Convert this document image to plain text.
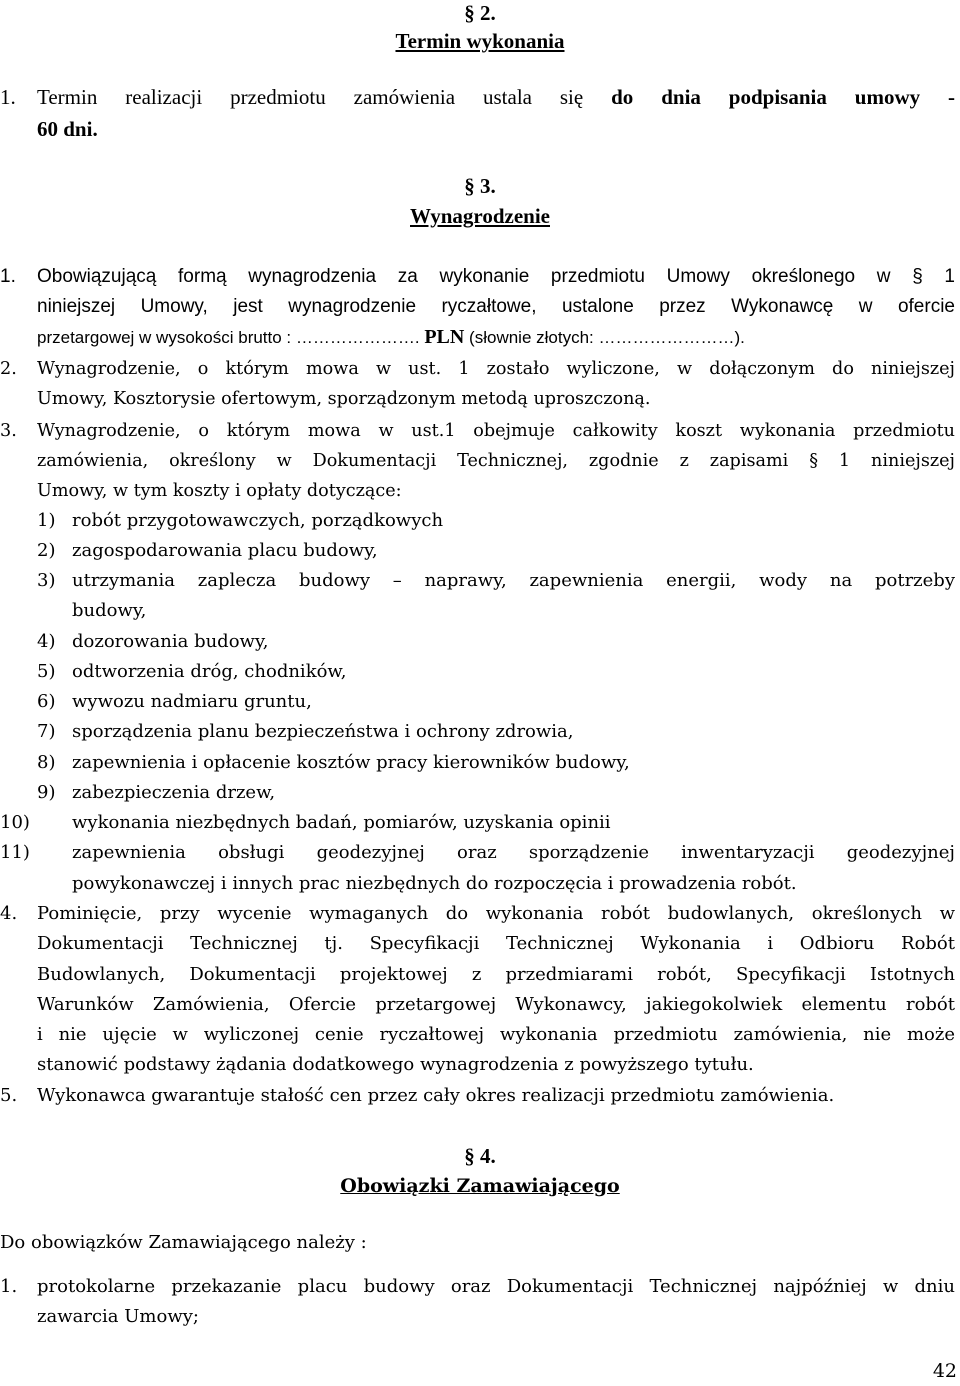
§ 2.
Termin wykonania
1. Termin realizacji przedmiotu zamówienia ustala się do dnia podpisania umowy -
60 dni.
§ 3.
Wynagrodzenie
1. Obowiązującą formą wynagrodzenia za wykonanie przedmiotu Umowy określonego w § 1
niniejszej Umowy, jest wynagrodzenie ryczałtowe, ustalone przez Wykonawcę w ofercie
przetargowej w wysokości brutto : …………………. PLN (słownie złotych: ……………………).
2. Wynagrodzenie, o którym mowa w ust. 1 zostało wyliczone, w dołączonym do niniejszej
Umowy, Kosztorysie ofertowym, sporządzonym metodą uproszczoną.
3. Wynagrodzenie, o którym mowa w ust.1 obejmuje całkowity koszt wykonania przedmiotu
zamówienia, określony w Dokumentacji Technicznej, zgodnie z zapisami § 1 niniejszej
Umowy, w tym koszty i opłaty dotyczące:
1) robót przygotowawczych, porządkowych
2) zagospodarowania placu budowy,
3) utrzymania zaplecza budowy – naprawy, zapewnienia energii, wody na potrzeby
budowy,
4) dozorowania budowy,
5) odtworzenia dróg, chodników,
6) wywozu nadmiaru gruntu,
7) sporządzenia planu bezpieczeństwa i ochrony zdrowia,
8) zapewnienia i opłacenie kosztów pracy kierowników budowy,
9) zabezpieczenia drzew,
10) wykonania niezbędnych badań, pomiarów, uzyskania opinii
11) zapewnienia obsługi geodezyjnej oraz sporządzenie inwentaryzacji geodezyjnej
powykonawczej i innych prac niezbędnych do rozpoczęcia i prowadzenia robót.
4. Pominięcie, przy wycenie wymaganych do wykonania robót budowlanych, określonych w
Dokumentacji Technicznej tj. Specyfikacji Technicznej Wykonania i Odbioru Robót
Budowlanych, Dokumentacji projektowej z przedmiarami robót, Specyfikacji Istotnych
Warunków Zamówienia, Ofercie przetargowej Wykonawcy, jakiegokolwiek elementu robót
i nie ujęcie w wyliczonej cenie ryczałtowej wykonania przedmiotu zamówienia, nie może
stanowić podstawy żądania dodatkowego wynagrodzenia z powyższego tytułu.
5. Wykonawca gwarantuje stałość cen przez cały okres realizacji przedmiotu zamówienia.
§ 4.
Obowiązki Zamawiającego
Do obowiązków Zamawiającego należy :
1. protokolarne przekazanie placu budowy oraz Dokumentacji Technicznej najpóźniej w dniu
zawarcia Umowy;
42
